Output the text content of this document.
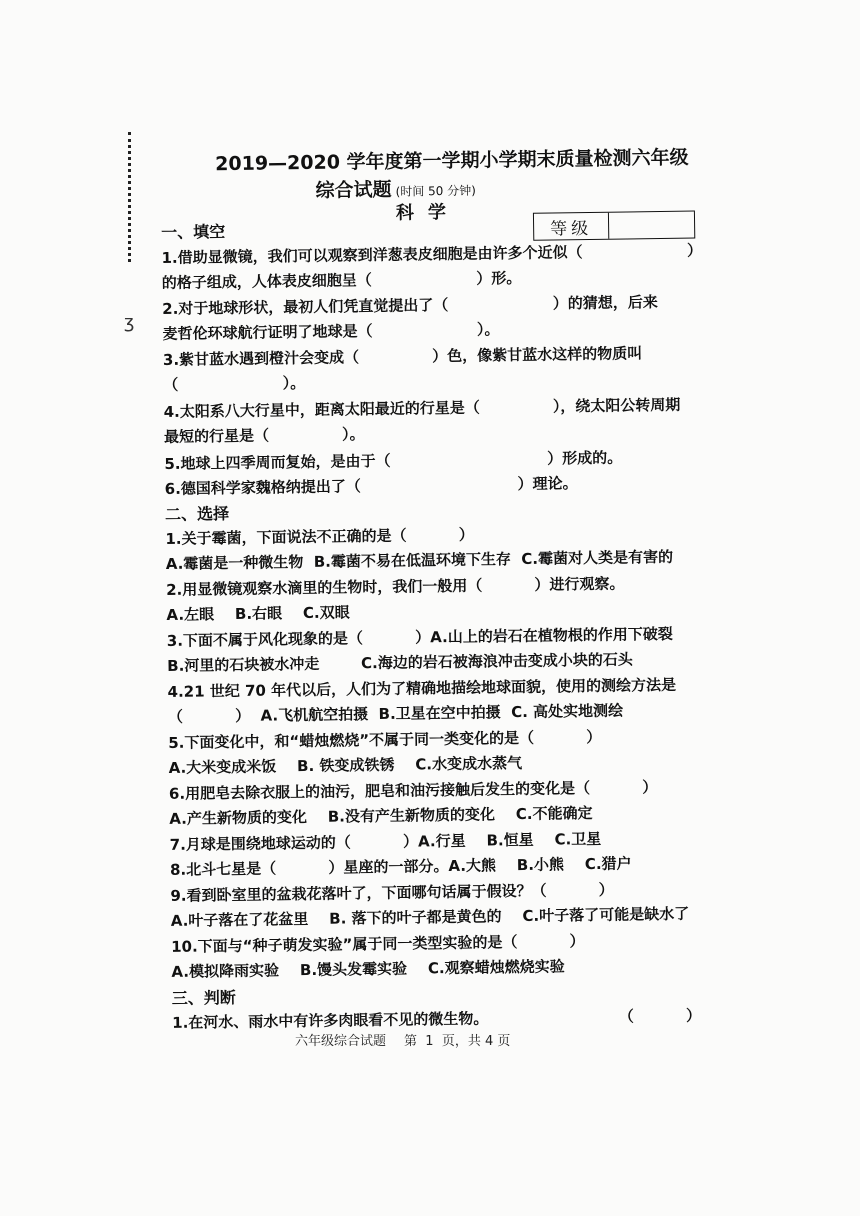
ʒ
2019—2020 学年度第一学期小学期末质量检测六年级
综合试题 (时间 50 分钟)
科学
等级
一、填空
1.借助显微镜，我们可以观察到洋葱表皮细胞是由许多个近似（                    ）
的格子组成，人体表皮细胞呈（                    ）形。
2.对于地球形状，最初人们凭直觉提出了（                    ）的猜想，后来
麦哲伦环球航行证明了地球是（                    ）。
3.紫甘蓝水遇到橙汁会变成（              ）色，像紫甘蓝水这样的物质叫
（                    ）。
4.太阳系八大行星中，距离太阳最近的行星是（              ），绕太阳公转周期
最短的行星是（              ）。
5.地球上四季周而复始，是由于（                              ）形成的。
6.德国科学家魏格纳提出了（                              ）理论。
二、选择
1.关于霉菌，下面说法不正确的是（          ）
A.霉菌是一种微生物  B.霉菌不易在低温环境下生存  C.霉菌对人类是有害的
2.用显微镜观察水滴里的生物时，我们一般用（          ）进行观察。
A.左眼    B.右眼    C.双眼
3.下面不属于风化现象的是（          ）A.山上的岩石在植物根的作用下破裂
B.河里的石块被水冲走        C.海边的岩石被海浪冲击变成小块的石头
4.21 世纪 70 年代以后，人们为了精确地描绘地球面貌，使用的测绘方法是
（          ）  A.飞机航空拍摄  B.卫星在空中拍摄  C. 高处实地测绘
5.下面变化中，和“蜡烛燃烧”不属于同一类变化的是（          ）
A.大米变成米饭    B. 铁变成铁锈    C.水变成水蒸气
6.用肥皂去除衣服上的油污，肥皂和油污接触后发生的变化是（          ）
A.产生新物质的变化    B.没有产生新物质的变化    C.不能确定
7.月球是围绕地球运动的（          ）A.行星    B.恒星    C.卫星
8.北斗七星是（          ）星座的一部分。A.大熊    B.小熊    C.猎户
9.看到卧室里的盆栽花落叶了，下面哪句话属于假设？（          ）
A.叶子落在了花盆里    B. 落下的叶子都是黄色的    C.叶子落了可能是缺水了
10.下面与“种子萌发实验”属于同一类型实验的是（          ）
A.模拟降雨实验    B.馒头发霉实验    C.观察蜡烛燃烧实验
三、判断
1.在河水、雨水中有许多肉眼看不见的微生物。                         （          ）
六年级综合试题 第  1  页，共 4 页
